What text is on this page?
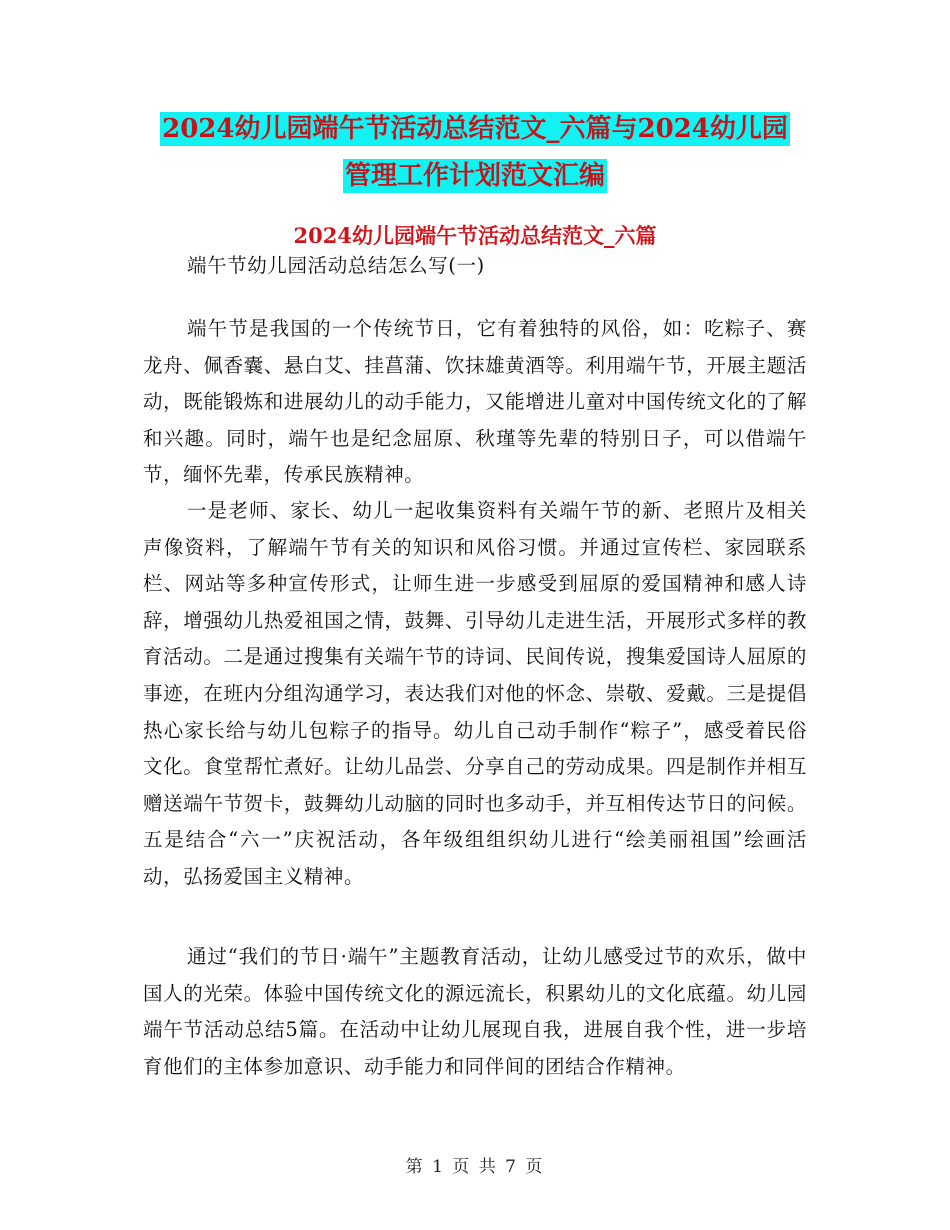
2024幼儿园端午节活动总结范文_六篇与2024幼儿园
管理工作计划范文汇编
2024幼儿园端午节活动总结范文_六篇
端午节幼儿园活动总结怎么写(一)
端午节是我国的一个传统节日，它有着独特的风俗，如：吃粽子、赛龙舟、佩香囊、悬白艾、挂菖蒲、饮抹雄黄酒等。利用端午节，开展主题活动，既能锻炼和进展幼儿的动手能力，又能增进儿童对中国传统文化的了解和兴趣。同时，端午也是纪念屈原、秋瑾等先辈的特别日子，可以借端午节，缅怀先辈，传承民族精神。
一是老师、家长、幼儿一起收集资料有关端午节的新、老照片及相关声像资料，了解端午节有关的知识和风俗习惯。并通过宣传栏、家园联系栏、网站等多种宣传形式，让师生进一步感受到屈原的爱国精神和感人诗辞，增强幼儿热爱祖国之情，鼓舞、引导幼儿走进生活，开展形式多样的教育活动。二是通过搜集有关端午节的诗词、民间传说，搜集爱国诗人屈原的事迹，在班内分组沟通学习，表达我们对他的怀念、崇敬、爱戴。三是提倡热心家长给与幼儿包粽子的指导。幼儿自己动手制作“粽子”，感受着民俗文化。食堂帮忙煮好。让幼儿品尝、分享自己的劳动成果。四是制作并相互赠送端午节贺卡，鼓舞幼儿动脑的同时也多动手，并互相传达节日的问候。五是结合“六一”庆祝活动，各年级组组织幼儿进行“绘美丽祖国”绘画活动，弘扬爱国主义精神。
通过“我们的节日·端午”主题教育活动，让幼儿感受过节的欢乐，做中国人的光荣。体验中国传统文化的源远流长，积累幼儿的文化底蕴。幼儿园端午节活动总结5篇。在活动中让幼儿展现自我，进展自我个性，进一步培育他们的主体参加意识、动手能力和同伴间的团结合作精神。
第 1 页 共 7 页
